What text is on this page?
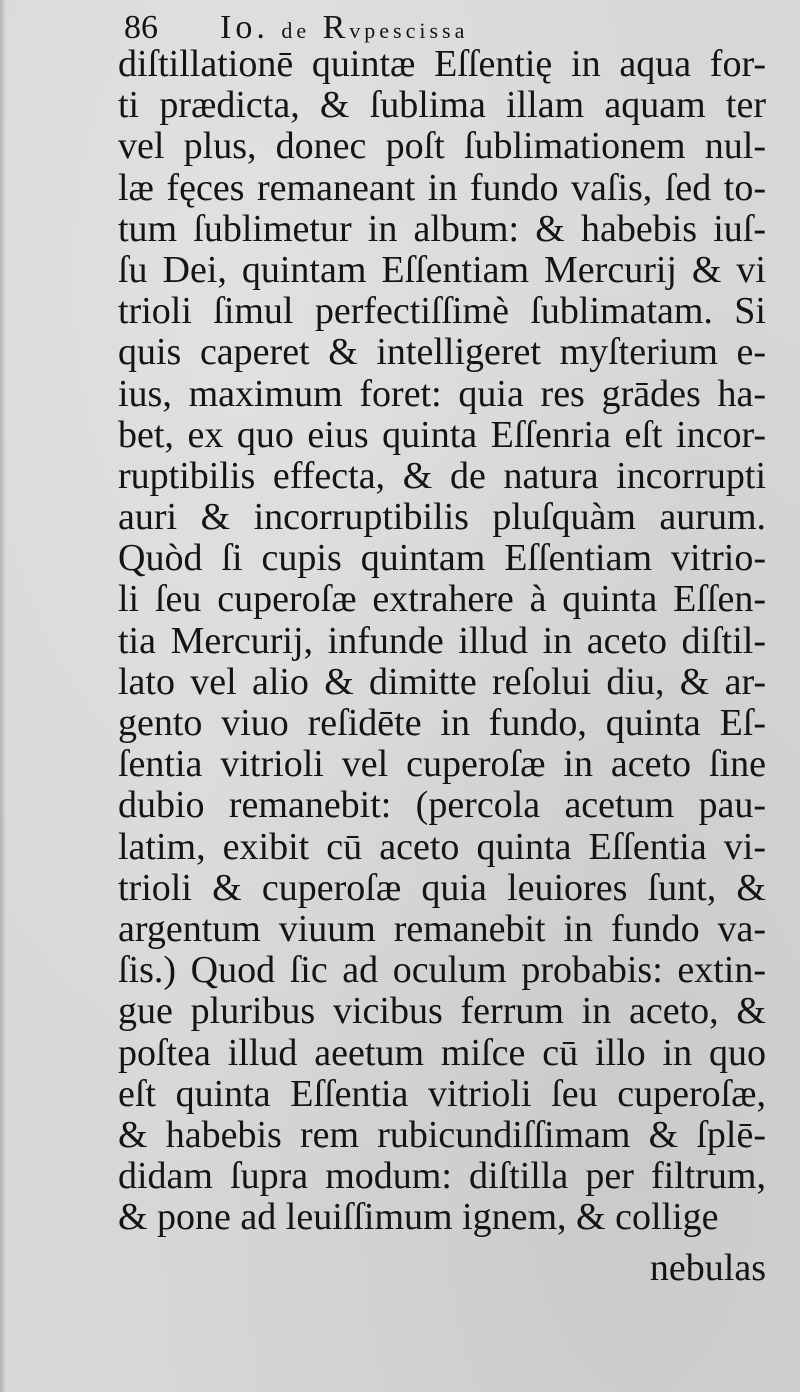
86 Io. de Rvpescissa
diſtillationē quintæ Eſſentię in aqua for-
ti prædicta, & ſublima illam aquam ter
vel plus, donec poſt ſublimationem nul-
læ fęces remaneant in fundo vaſis, ſed to-
tum ſublimetur in album: & habebis iuſ-
ſu Dei, quintam Eſſentiam Mercurij & vi
trioli ſimul perfectiſſimè ſublimatam. Si
quis caperet & intelligeret myſterium e-
ius, maximum foret: quia res grādes ha-
bet, ex quo eius quinta Eſſenria eſt incor-
ruptibilis effecta, & de natura incorrupti
auri & incorruptibilis pluſquàm aurum.
Quòd ſi cupis quintam Eſſentiam vitrio-
li ſeu cuperoſæ extrahere à quinta Eſſen-
tia Mercurij, infunde illud in aceto diſtil-
lato vel alio & dimitte reſolui diu, & ar-
gento viuo reſidēte in fundo, quinta Eſ-
ſentia vitrioli vel cuperoſæ in aceto ſine
dubio remanebit: (percola acetum pau-
latim, exibit cū aceto quinta Eſſentia vi-
trioli & cuperoſæ quia leuiores ſunt, &
argentum viuum remanebit in fundo va-
ſis.) Quod ſic ad oculum probabis: extin-
gue pluribus vicibus ferrum in aceto, &
poſtea illud aeetum miſce cū illo in quo
eſt quinta Eſſentia vitrioli ſeu cuperoſæ,
& habebis rem rubicundiſſimam & ſplē-
didam ſupra modum: diſtilla per filtrum,
& pone ad leuiſſimum ignem, & collige
nebulas
